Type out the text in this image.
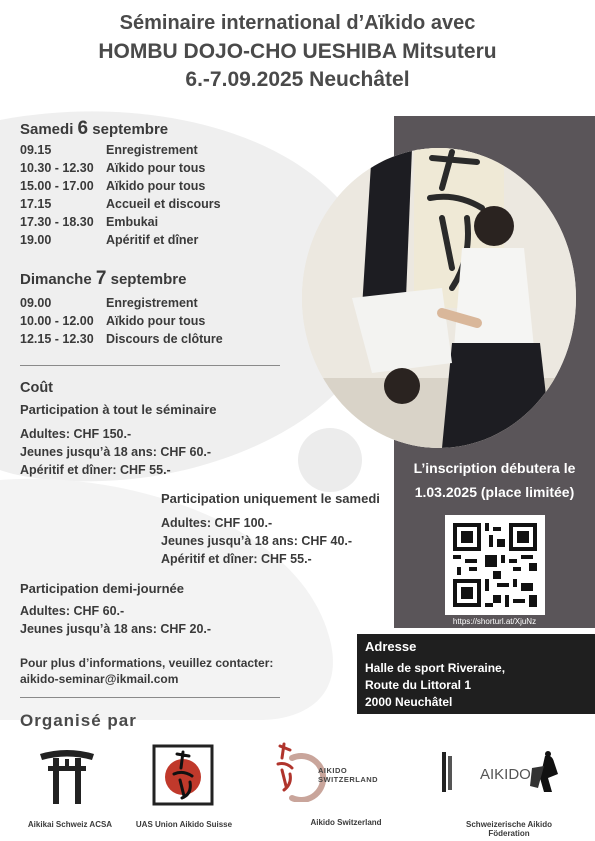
Séminaire international d’Aïkido avec
HOMBU DOJO-CHO UESHIBA Mitsuteru
6.-7.09.2025 Neuchâtel
Samedi 6 septembre
09.15	Enregistrement
10.30 - 12.30 Aïkido pour tous
15.00 - 17.00 Aïkido pour tous
17.15	Accueil et discours
17.30 - 18.30 Embukai
19.00	Apéritif et dîner
Dimanche 7 septembre
09.00	Enregistrement
10.00 - 12.00 Aïkido pour tous
12.15 - 12.30 Discours de clôture
Coût
Participation à tout le séminaire
Adultes: CHF 150.-
Jeunes jusqu’à 18 ans: CHF 60.-
Apéritif et dîner: CHF 55.-
Participation uniquement le samedi
Adultes: CHF 100.-
Jeunes jusqu’à 18 ans: CHF 40.-
Apéritif et dîner: CHF 55.-
Participation demi-journée
Adultes: CHF 60.-
Jeunes jusqu’à 18 ans: CHF 20.-
Pour plus d’informations, veuillez contacter:
aikido-seminar@ikmail.com
L’inscription débutera le
1.03.2025 (place limitée)
https://shorturl.at/XjuNz
Adresse
Halle de sport Riveraine,
Route du Littoral 1
2000 Neuchâtel
Organisé par
Aikikai Schweiz ACSA	UAS Union Aikido Suisse
AIKIDO SWITZERLAND
Aikido Switzerland
AIKIDO
Schweizerische Aikido Föderation
